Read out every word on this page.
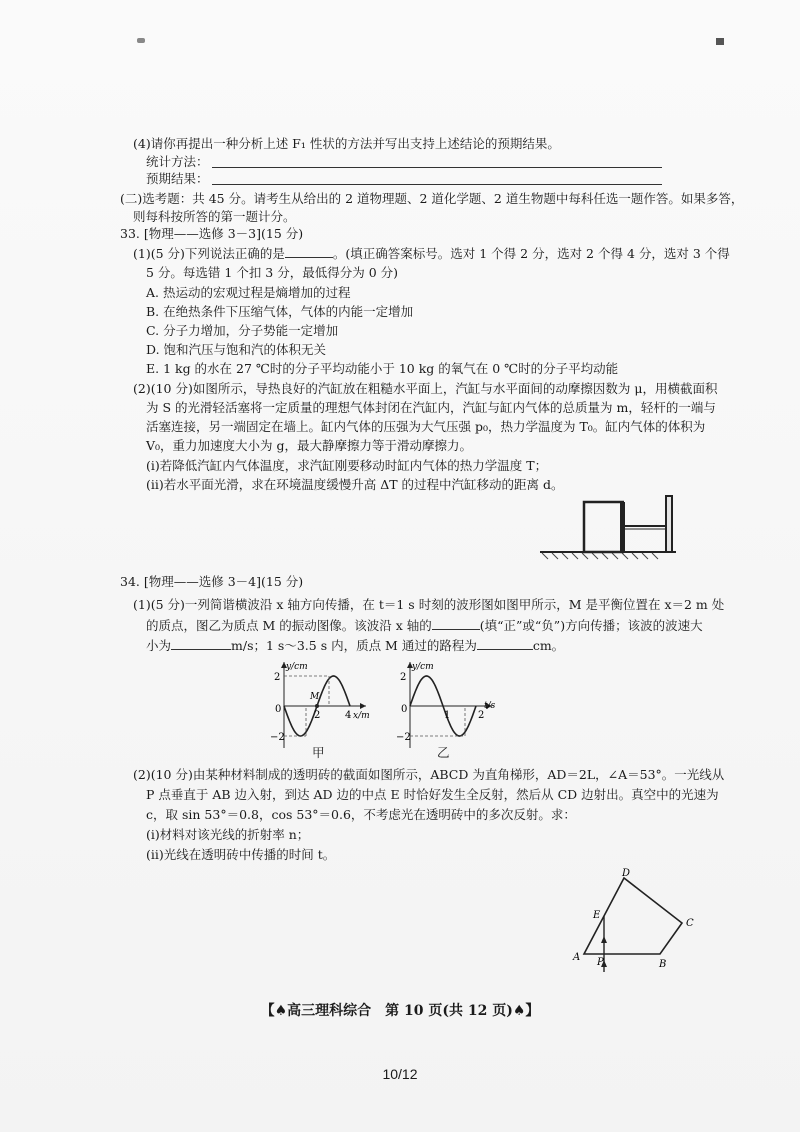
(4)请你再提出一种分析上述 F₁ 性状的方法并写出支持上述结论的预期结果。
统计方法：
预期结果：
(二)选考题：共 45 分。请考生从给出的 2 道物理题、2 道化学题、2 道生物题中每科任选一题作答。如果多答，
则每科按所答的第一题计分。
33. [物理——选修 3－3](15 分)
(1)(5 分)下列说法正确的是	。(填正确答案标号。选对 1 个得 2 分，选对 2 个得 4 分，选对 3 个得
5 分。每选错 1 个扣 3 分，最低得分为 0 分)
A. 热运动的宏观过程是熵增加的过程
B. 在绝热条件下压缩气体，气体的内能一定增加
C. 分子力增加，分子势能一定增加
D. 饱和汽压与饱和汽的体积无关
E. 1 kg 的水在 27 ℃时的分子平均动能小于 10 kg 的氧气在 0 ℃时的分子平均动能
(2)(10 分)如图所示，导热良好的汽缸放在粗糙水平面上，汽缸与水平面间的动摩擦因数为 μ，用横截面积
为 S 的光滑轻活塞将一定质量的理想气体封闭在汽缸内，汽缸与缸内气体的总质量为 m，轻杆的一端与
活塞连接，另一端固定在墙上。缸内气体的压强为大气压强 p₀，热力学温度为 T₀。缸内气体的体积为
V₀，重力加速度大小为 g，最大静摩擦力等于滑动摩擦力。
(ⅰ)若降低汽缸内气体温度，求汽缸刚要移动时缸内气体的热力学温度 T；
(ⅱ)若水平面光滑，求在环境温度缓慢升高 ΔT 的过程中汽缸移动的距离 d。
34. [物理——选修 3－4](15 分)
(1)(5 分)一列简谐横波沿 x 轴方向传播，在 t＝1 s 时刻的波形图如图甲所示，M 是平衡位置在 x＝2 m 处
的质点，图乙为质点 M 的振动图像。该波沿 x 轴的	(填“正”或“负”)方向传播；该波的波速大
小为	m/s；1 s～3.5 s 内，质点 M 通过的路程为	cm。
y/cm
2
−2
0
2 4 x/m
M
甲
y/cm
2
−2
0
1	2
t/s
乙
(2)(10 分)由某种材料制成的透明砖的截面如图所示，ABCD 为直角梯形，AD＝2L，∠A＝53°。一光线从
P 点垂直于 AB 边入射，到达 AD 边的中点 E 时恰好发生全反射，然后从 CD 边射出。真空中的光速为
c，取 sin 53°＝0.8，cos 53°＝0.6，不考虑光在透明砖中的多次反射。求：
(ⅰ)材料对该光线的折射率 n；
(ⅱ)光线在透明砖中传播的时间 t。
A
B
C
D
E
P
【♠高三理科综合　第 10 页(共 12 页)♠】
10/12
